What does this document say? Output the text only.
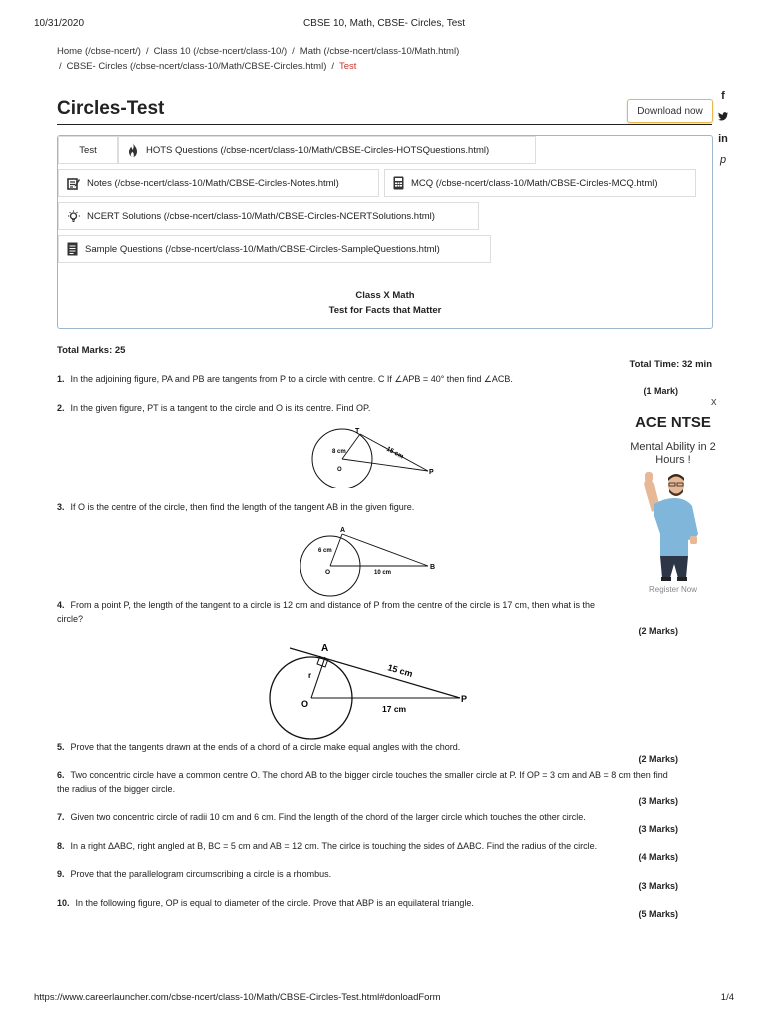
10/31/2020	CBSE 10, Math, CBSE- Circles, Test
Home (/cbse-ncert/) / Class 10 (/cbse-ncert/class-10/) / Math (/cbse-ncert/class-10/Math.html)
/ CBSE- Circles (/cbse-ncert/class-10/Math/CBSE-Circles.html) / Test
Circles-Test	Download now
f
in
p
Test	HOTS Questions (/cbse-ncert/class-10/Math/CBSE-Circles-HOTSQuestions.html)
Notes (/cbse-ncert/class-10/Math/CBSE-Circles-Notes.html)	MCQ (/cbse-ncert/class-10/Math/CBSE-Circles-MCQ.html)
NCERT Solutions (/cbse-ncert/class-10/Math/CBSE-Circles-NCERTSolutions.html)
Sample Questions (/cbse-ncert/class-10/Math/CBSE-Circles-SampleQuestions.html)
Class X Math
Test for Facts that Matter
Total Marks: 25
Total Time: 32 min
1. In the adjoining figure, PA and PB are tangents from P to a circle with centre. C If ∠APB = 40° then find ∠ACB.
(1 Mark)
2. In the given figure, PT is a tangent to the circle and O is its centre. Find OP.
T
15 cm
8 cm
O	P
3. If O is the centre of the circle, then find the length of the tangent AB in the given figure.
A
6 cm
O	10 cm
B
4. From a point P, the length of the tangent to a circle is 12 cm and distance of P from the centre of the circle is 17 cm, then what is the circle?
(2 Marks)
A
r
O
15 cm
17 cm
P
5. Prove that the tangents drawn at the ends of a chord of a circle make equal angles with the chord.
(2 Marks)
6. Two concentric circle have a common centre O. The chord AB to the bigger circle touches the smaller circle at P. If OP = 3 cm and AB = 8 cm then find the radius of the bigger circle.
(3 Marks)
7. Given two concentric circle of radii 10 cm and 6 cm. Find the length of the chord of the larger circle which touches the other circle.
(3 Marks)
8. In a right ΔABC, right angled at B, BC = 5 cm and AB = 12 cm. The cirlce is touching the sides of ΔABC. Find the radius of the circle.
(4 Marks)
9. Prove that the parallelogram circumscribing a circle is a rhombus.
(3 Marks)
10. In the following figure, OP is equal to diameter of the circle. Prove that ABP is an equilateral triangle.
(5 Marks)
x
ACE NTSE
Mental Ability in 2 Hours !
Register Now
https://www.careerlauncher.com/cbse-ncert/class-10/Math/CBSE-Circles-Test.html#donloadForm	1/4
